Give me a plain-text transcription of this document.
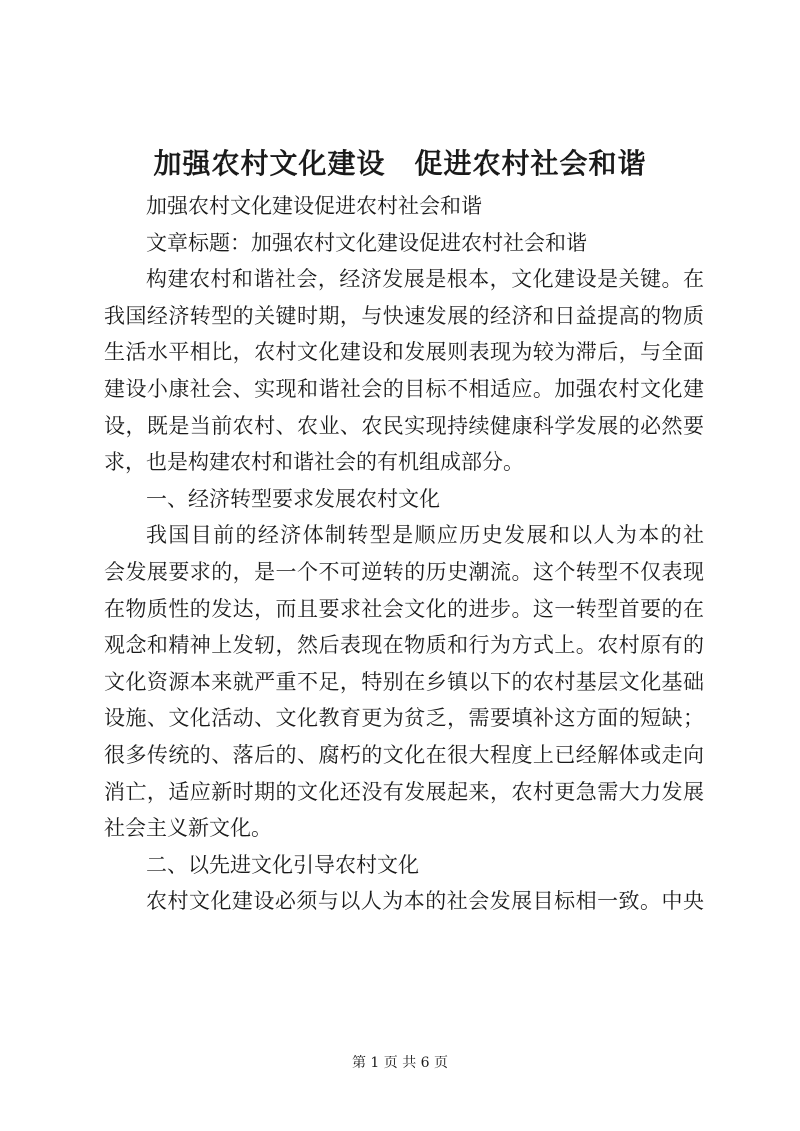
加强农村文化建设　促进农村社会和谐
加强农村文化建设促进农村社会和谐
文章标题：加强农村文化建设促进农村社会和谐
构建农村和谐社会，经济发展是根本，文化建设是关键。在
我国经济转型的关键时期，与快速发展的经济和日益提高的物质
生活水平相比，农村文化建设和发展则表现为较为滞后，与全面
建设小康社会、实现和谐社会的目标不相适应。加强农村文化建
设，既是当前农村、农业、农民实现持续健康科学发展的必然要
求，也是构建农村和谐社会的有机组成部分。
一、经济转型要求发展农村文化
我国目前的经济体制转型是顺应历史发展和以人为本的社
会发展要求的，是一个不可逆转的历史潮流。这个转型不仅表现
在物质性的发达，而且要求社会文化的进步。这一转型首要的在
观念和精神上发轫，然后表现在物质和行为方式上。农村原有的
文化资源本来就严重不足，特别在乡镇以下的农村基层文化基础
设施、文化活动、文化教育更为贫乏，需要填补这方面的短缺；
很多传统的、落后的、腐朽的文化在很大程度上已经解体或走向
消亡，适应新时期的文化还没有发展起来，农村更急需大力发展
社会主义新文化。
二、以先进文化引导农村文化
农村文化建设必须与以人为本的社会发展目标相一致。中央
第 1 页 共 6 页
